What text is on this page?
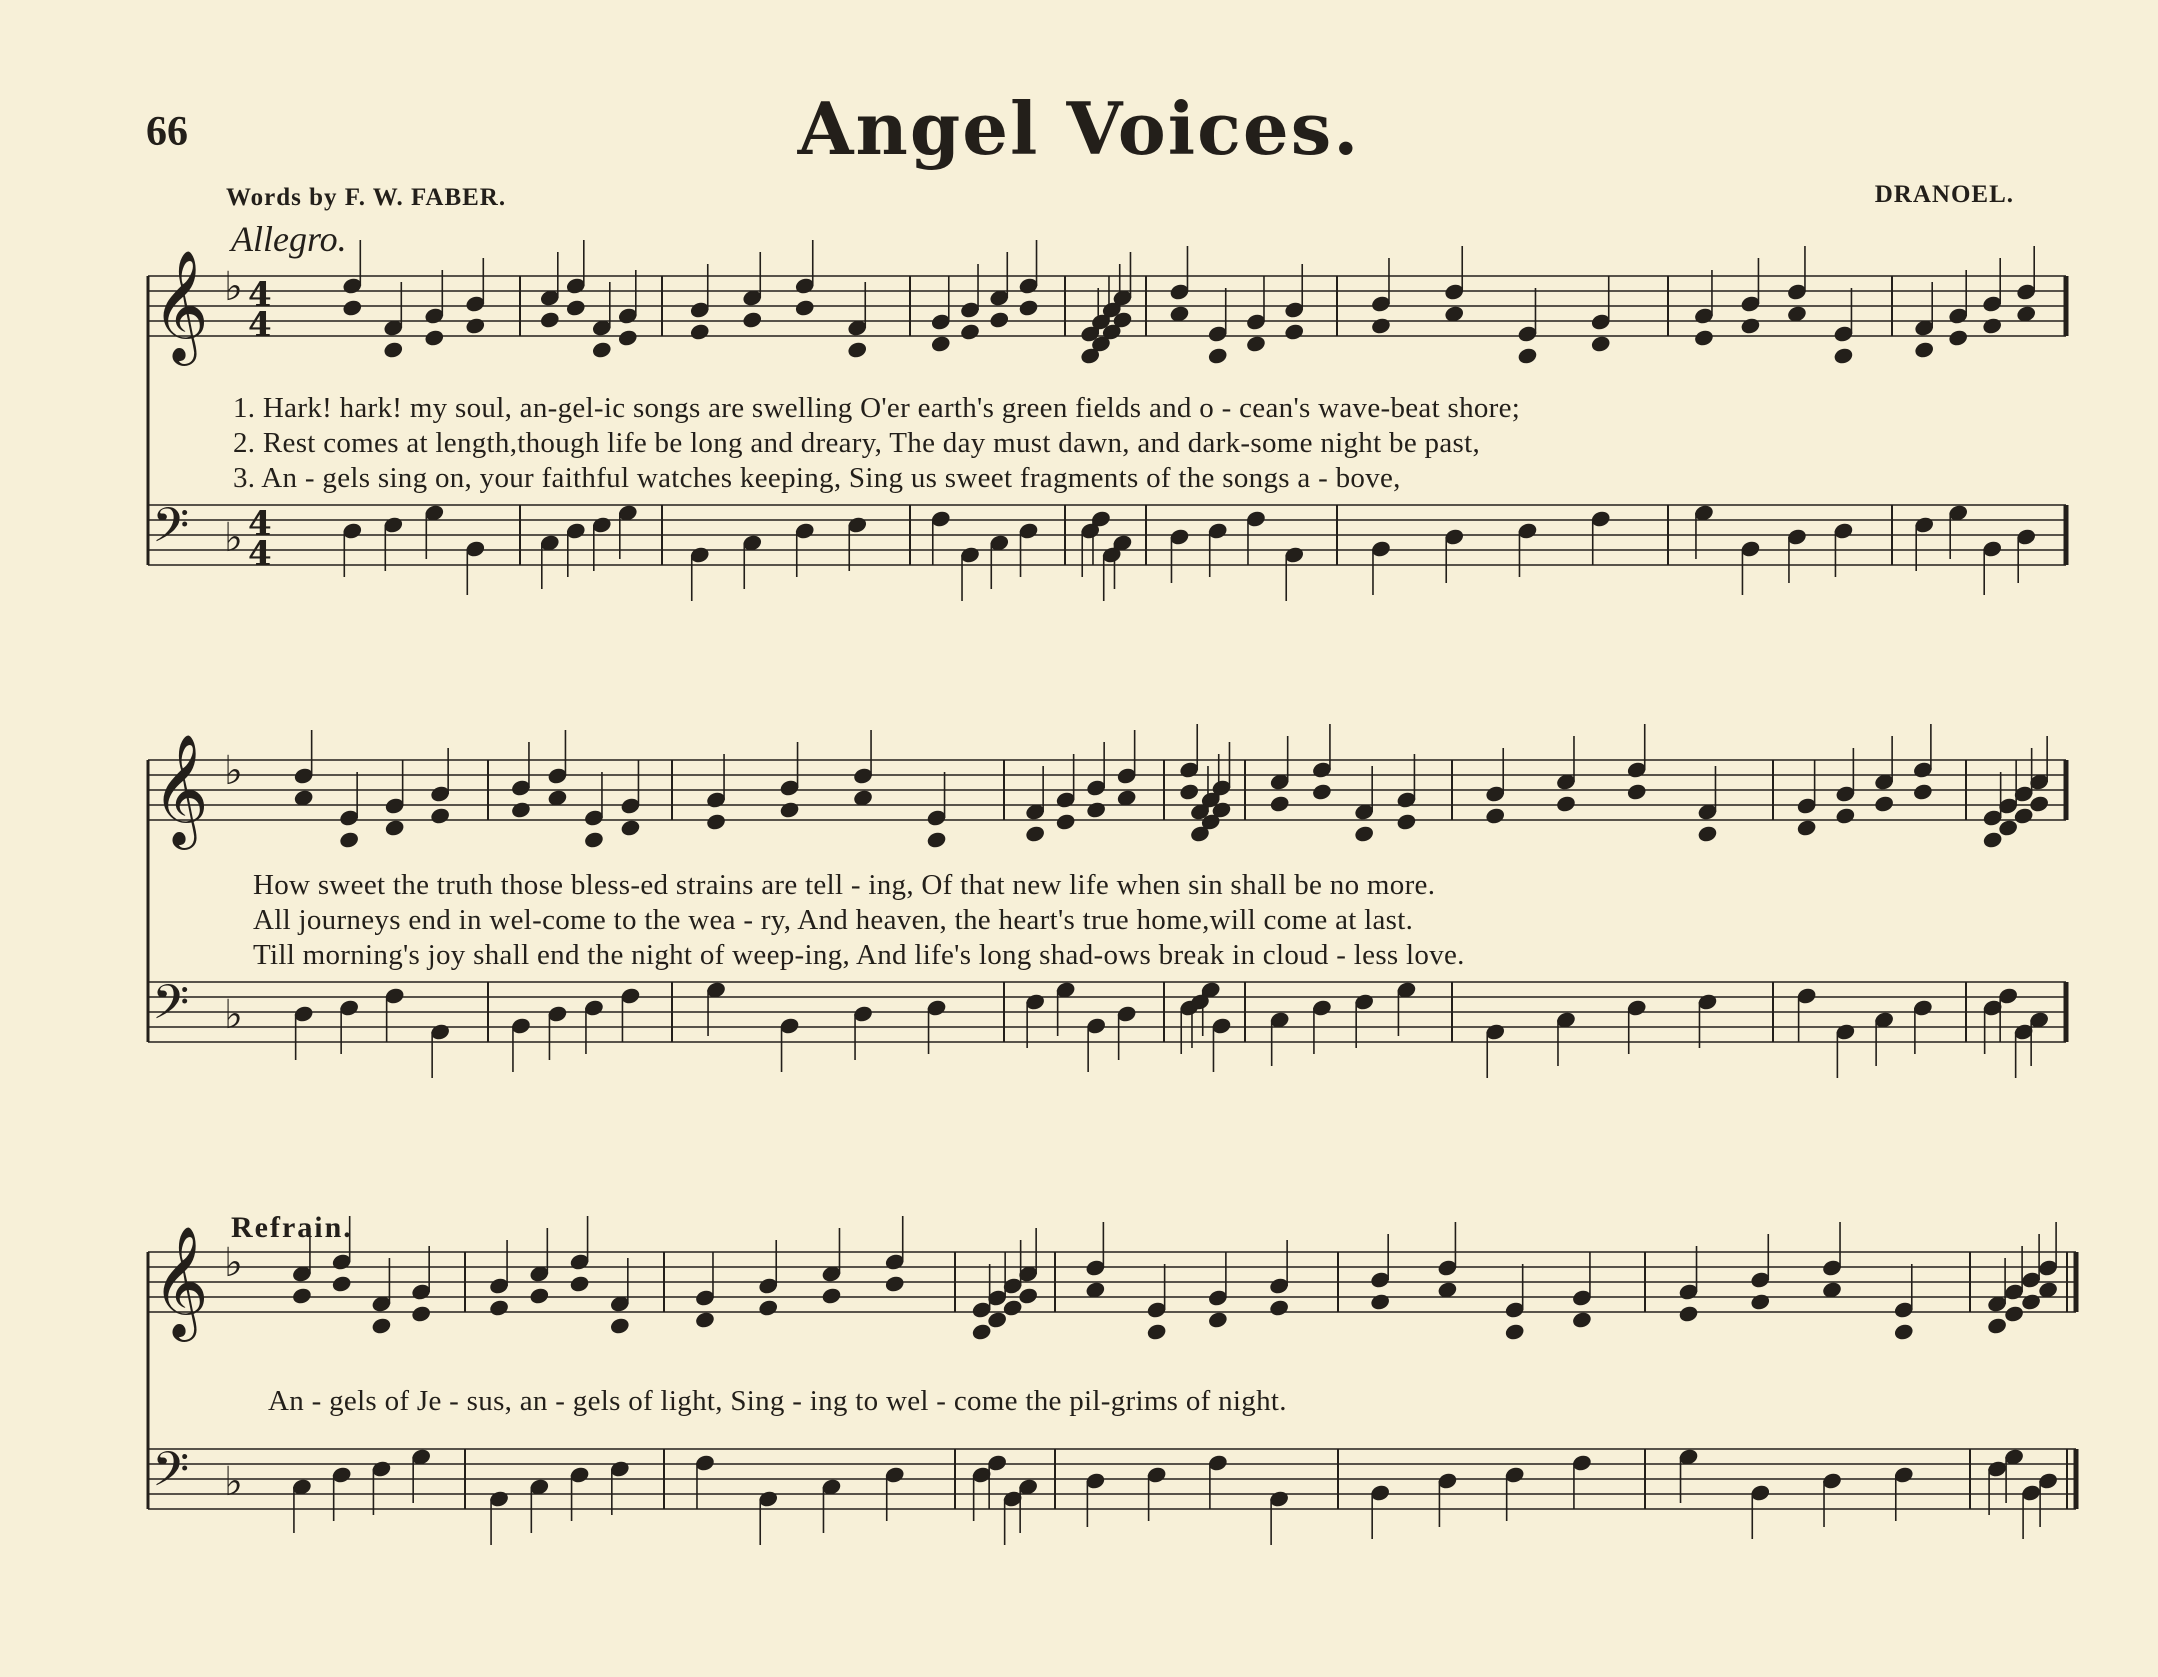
66	Angel Voices.
Words by F. W. FABER.	DRANOEL.
Allegro.
𝄞 ♭ 4
4
𝄢 ♭ 4
4
𝄞 ♭
𝄢 ♭
𝄞 ♭
𝄢 ♭
1. Hark! hark! my soul, an-gel-ic songs are swelling O'er earth's green fields and o - cean's wave-beat shore;
2. Rest comes at length,though life be long and dreary, The day must dawn, and dark-some night be past,
3. An - gels sing on, your faithful watches keeping, Sing us sweet fragments of the songs a - bove,
How sweet the truth those bless-ed strains are tell - ing, Of that new life when sin shall be no more.
All journeys end in wel-come to the wea - ry, And heaven, the heart's true home,will come at last.
Till morning's joy shall end the night of weep-ing, And life's long shad-ows break in cloud - less love.
Refrain.
An - gels of Je - sus, an - gels of light, Sing - ing to wel - come the pil-grims of night.
